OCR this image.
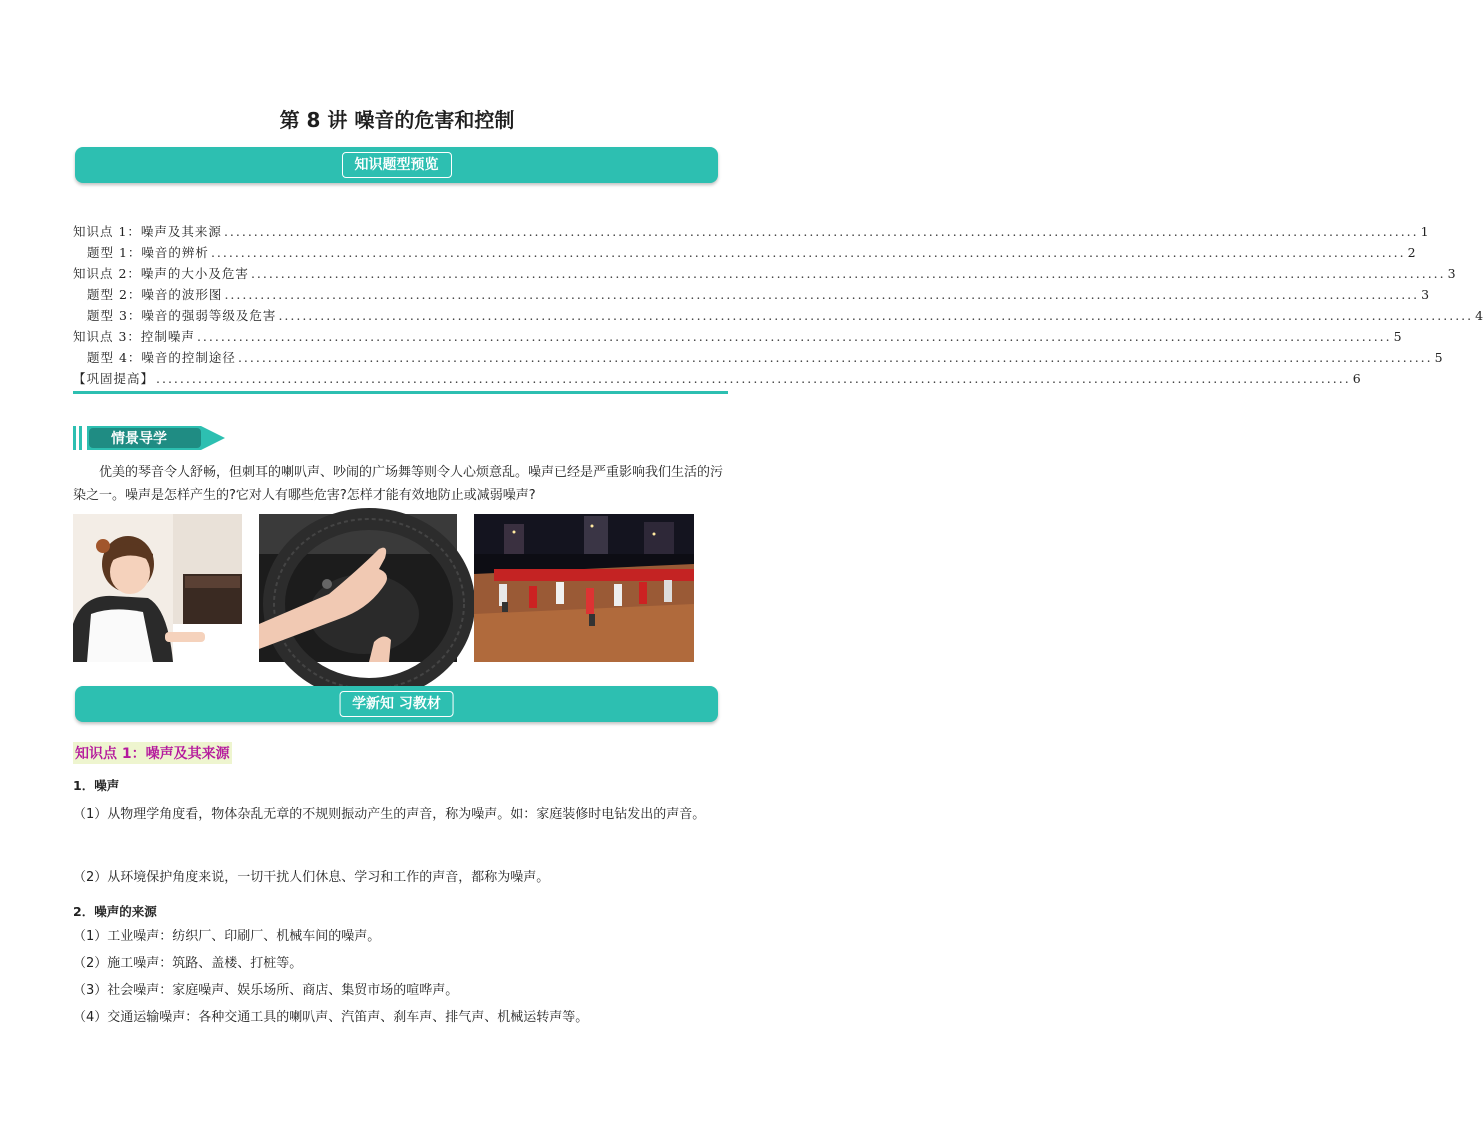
第 8 讲 噪音的危害和控制
知识题型预览
知识点 1：噪声及其来源 ........................................................................................................................................................................................................ 1
题型 1：噪音的辨析 ........................................................................................................................................................................................................ 2
知识点 2：噪声的大小及危害 ........................................................................................................................................................................................................ 3
题型 2：噪音的波形图 ........................................................................................................................................................................................................ 3
题型 3：噪音的强弱等级及危害 ........................................................................................................................................................................................................ 4
知识点 3：控制噪声 ........................................................................................................................................................................................................ 5
题型 4：噪音的控制途径 ........................................................................................................................................................................................................ 5
【巩固提高】 ........................................................................................................................................................................................................ 6
情景导学
优美的琴音令人舒畅，但刺耳的喇叭声、吵闹的广场舞等则令人心烦意乱。噪声已经是严重影响我们生活的污染之一。噪声是怎样产生的?它对人有哪些危害?怎样才能有效地防止或减弱噪声?
学新知 习教材
知识点 1：噪声及其来源
1．噪声
（1）从物理学角度看，物体杂乱无章的不规则振动产生的声音，称为噪声。如：家庭装修时电钻发出的声音。
（2）从环境保护角度来说，一切干扰人们休息、学习和工作的声音，都称为噪声。
2．噪声的来源
（1）工业噪声：纺织厂、印刷厂、机械车间的噪声。
（2）施工噪声：筑路、盖楼、打桩等。
（3）社会噪声：家庭噪声、娱乐场所、商店、集贸市场的喧哗声。
（4）交通运输噪声：各种交通工具的喇叭声、汽笛声、刹车声、排气声、机械运转声等。
